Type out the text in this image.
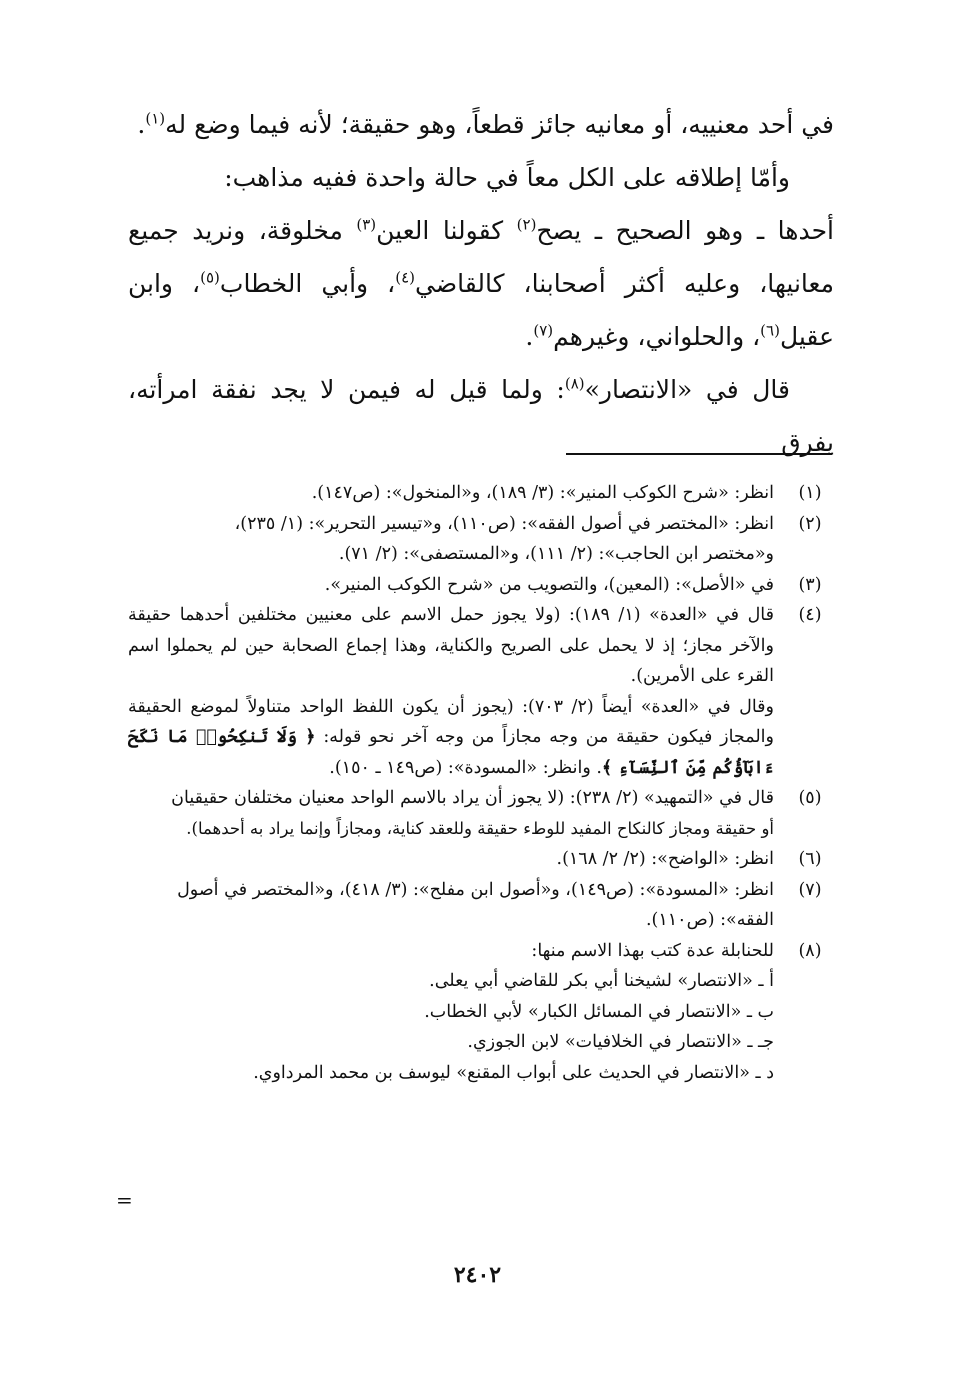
في أحد معنييه، أو معانيه جائز قطعاً، وهو حقيقة؛ لأنه فيما وضع له$^{(١)}$.

وأمّا إطلاقه على الكل معاً في حالة واحدة ففيه مذاهب:

أحدها ـ وهو الصحيح ـ يصح$^{(٢)}$ كقولنا العين$^{(٣)}$ مخلوقة، ونريد جميع معانيها، وعليه أكثر أصحابنا، كالقاضي$^{(٤)}$، وأبي الخطاب$^{(٥)}$، وابن عقيل$^{(٦)}$، والحلواني، وغيرهم$^{(٧)}$.

قال في «الانتصار»$^{(٨)}$: ولما قيل له فيمن لا يجد نفقة امرأته، يفرق

(١)
انظر: «شرح الكوكب المنير»: (٣/ ١٨٩)، و«المنخول»: (ص١٤٧).
(٢)
انظر: «المختصر في أصول الفقه»: (ص١١٠)، و«تيسير التحرير»: (١/ ٢٣٥)،
و«مختصر ابن الحاجب»: (٢/ ١١١)، و«المستصفى»: (٢/ ٧١).
(٣)
في «الأصل»: (المعين)، والتصويب من «شرح الكوكب المنير».
(٤)
قال في «العدة» (١/ ١٨٩): (ولا يجوز حمل الاسم على معنيين مختلفين أحدهما حقيقة والآخر مجاز؛ إذ لا يحمل على الصريح والكناية، وهذا إجماع الصحابة حين لم يحملوا اسم القرء على الأمرين).
وقال في «العدة» أيضاً (٢/ ٧٠٣): (يجوز أن يكون اللفظ الواحد متناولاً لموضع الحقيقة والمجاز فيكون حقيقة من وجه مجازاً من وجه آخر نحو قوله: ﴿ وَلَا تَنكِحُوا۟ مَا نَكَحَ ءَابَآؤُكُم مِّنَ ٱلنِّسَآءِ ﴾. وانظر: «المسودة»: (ص١٤٩ ـ ١٥٠).
(٥)
قال في «التمهيد» (٢/ ٢٣٨): (لا يجوز أن يراد بالاسم الواحد معنيان مختلفان حقيقيان
أو حقيقة ومجاز كالنكاح المفيد للوطء حقيقة وللعقد كناية، ومجازاً وإنما يراد به أحدهما).
(٦)
انظر: «الواضح»: (٢/ ٢/ ١٦٨).
(٧)
انظر: «المسودة»: (ص١٤٩)، و«أصول ابن مفلح»: (٣/ ٤١٨)، و«المختصر في أصول
الفقه»: (ص١١٠).
(٨)
للحنابلة عدة كتب بهذا الاسم منها:
أ ـ «الانتصار» لشيخنا أبي بكر للقاضي أبي يعلى.
ب ـ «الانتصار في المسائل الكبار» لأبي الخطاب.
جـ ـ «الانتصار في الخلافيات» لابن الجوزي.
د ـ «الانتصار في الحديث على أبواب المقنع» ليوسف بن محمد المرداوي.
=
٢٤٠٢
